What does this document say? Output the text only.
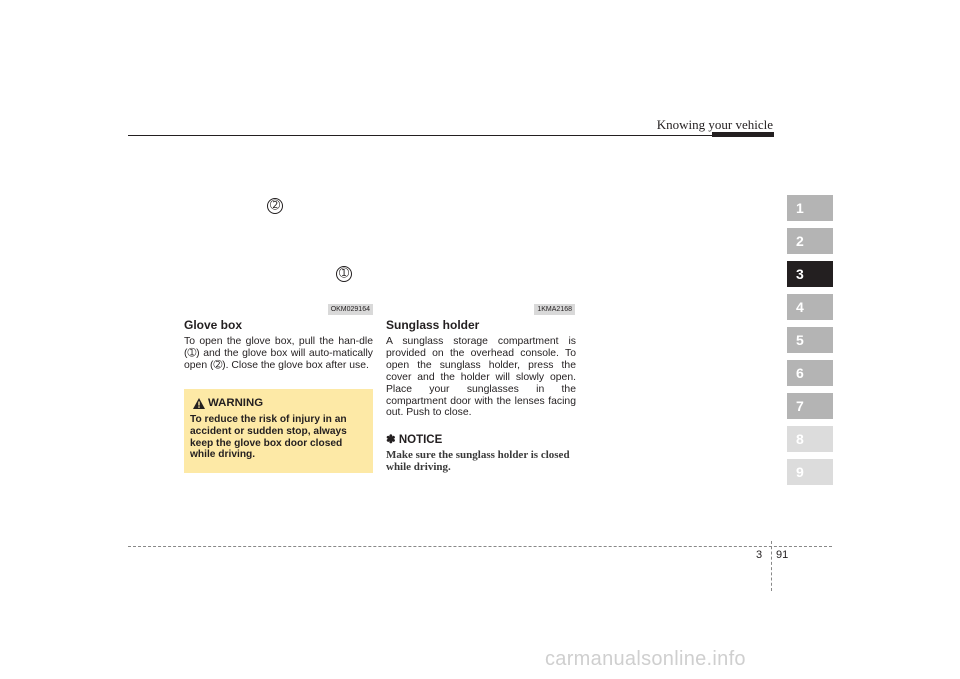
Knowing your vehicle
➁
➀
OKM029164	1KMA2168
Glove box

To open the glove box, pull the han-dle (➀) and the glove box will auto-matically open (➁). Close the glove box after use.

WARNING

To reduce the risk of injury in an accident or sudden stop, always keep the glove box door closed while driving.

Sunglass holder

A sunglass storage compartment is provided on the overhead console. To open the sunglass holder, press the cover and the holder will slowly open. Place your sunglasses in the compartment door with the lenses facing out. Push to close.

✽ NOTICE

Make sure the sunglass holder is closed while driving.

1
2
3
4
5
6
7
8
9
3 91
carmanualsonline.info
